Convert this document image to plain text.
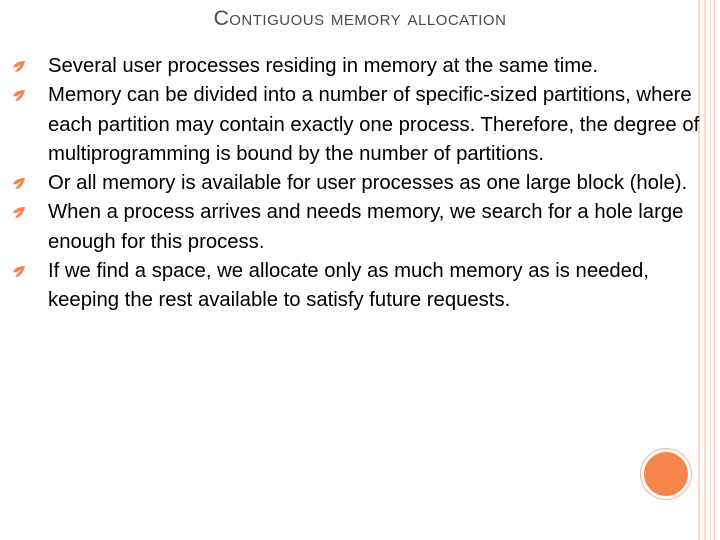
Contiguous memory allocation
Several user processes residing in memory at the same time.
Memory can be divided into a number of specific-sized partitions, where each partition may contain exactly one process. Therefore, the degree of multiprogramming is bound by the number of partitions.
Or all memory is available for user processes as one large block (hole).
When a process arrives and needs memory, we search for a hole large enough for this process.
If we find a space, we allocate only as much memory as is needed, keeping the rest available to satisfy future requests.
